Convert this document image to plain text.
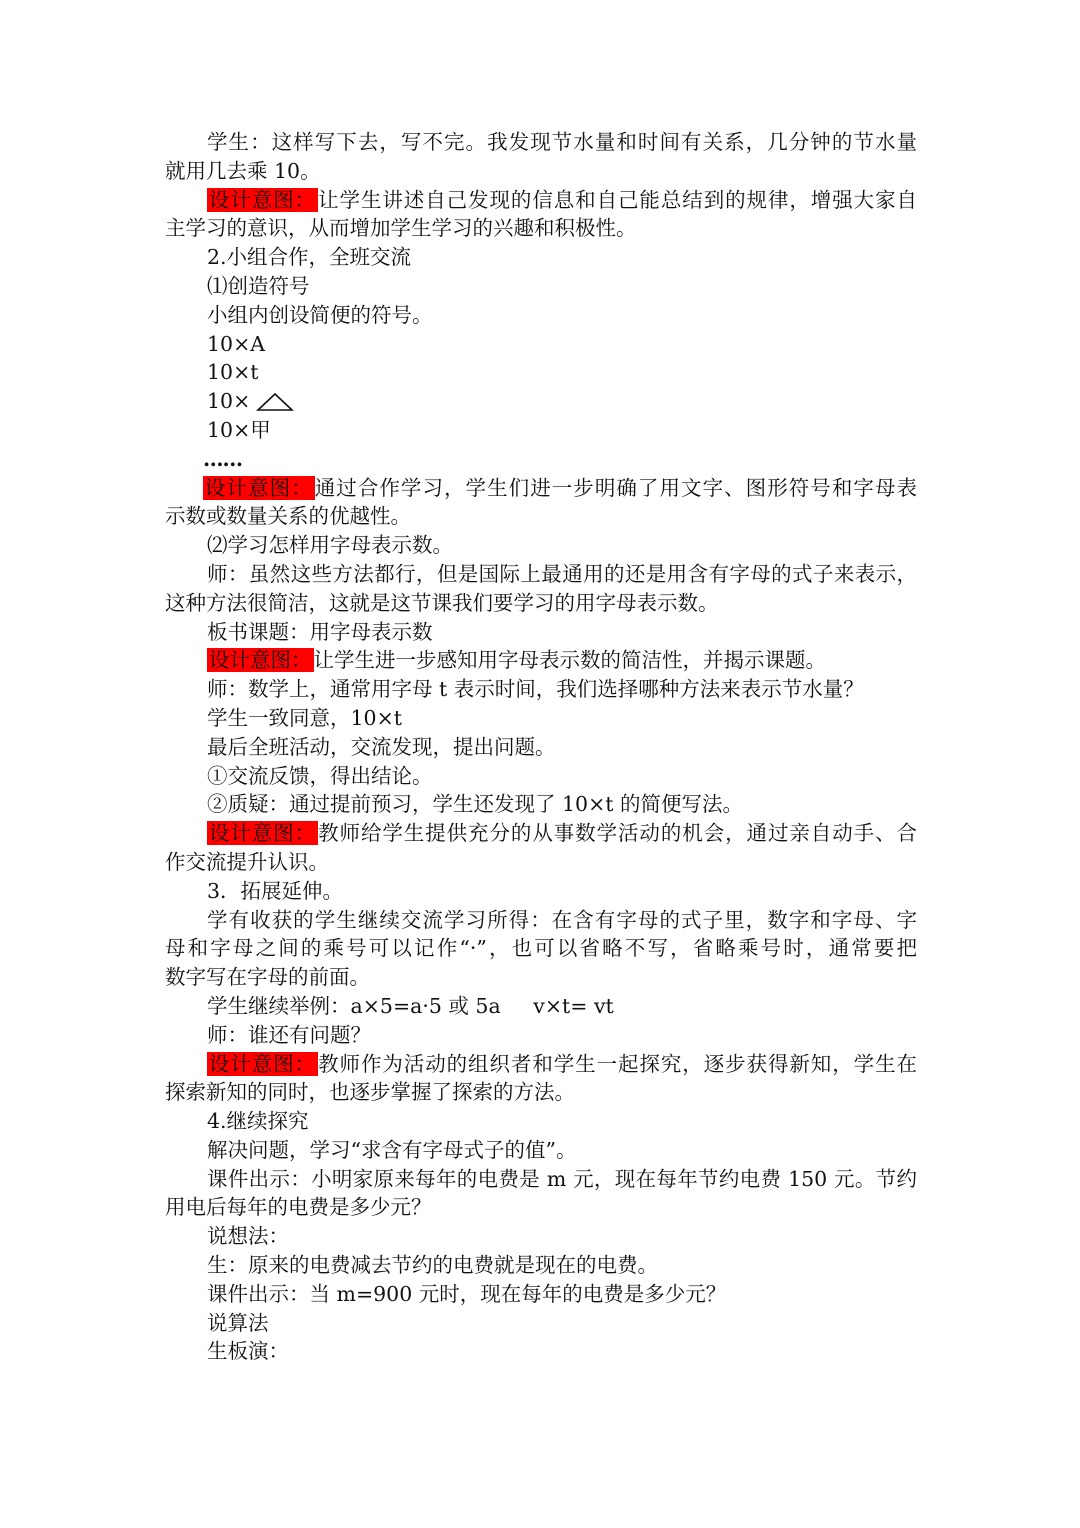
学生：这样写下去，写不完。我发现节水量和时间有关系，几分钟的节水量
就用几去乘 10。
设计意图：让学生讲述自己发现的信息和自己能总结到的规律，增强大家自
主学习的意识，从而增加学生学习的兴趣和积极性。
2.小组合作，全班交流
⑴创造符号
小组内创设简便的符号。
10×A
10×t
10×
10×甲
……
设计意图：通过合作学习，学生们进一步明确了用文字、图形符号和字母表
示数或数量关系的优越性。
⑵学习怎样用字母表示数。
师：虽然这些方法都行，但是国际上最通用的还是用含有字母的式子来表示，
这种方法很简洁，这就是这节课我们要学习的用字母表示数。
板书课题：用字母表示数
设计意图：让学生进一步感知用字母表示数的简洁性，并揭示课题。
师：数学上，通常用字母 t 表示时间，我们选择哪种方法来表示节水量？
学生一致同意，10×t
最后全班活动，交流发现，提出问题。
①交流反馈，得出结论。
②质疑：通过提前预习，学生还发现了 10×t 的简便写法。
设计意图：教师给学生提供充分的从事数学活动的机会，通过亲自动手、合
作交流提升认识。
3．拓展延伸。
学有收获的学生继续交流学习所得：在含有字母的式子里，数字和字母、字
母和字母之间的乘号可以记作“·”，也可以省略不写，省略乘号时，通常要把
数字写在字母的前面。
学生继续举例：a×5=a·5 或 5a     v×t= vt
师：谁还有问题？
设计意图：教师作为活动的组织者和学生一起探究，逐步获得新知，学生在
探索新知的同时，也逐步掌握了探索的方法。
4.继续探究
解决问题，学习“求含有字母式子的值”。
课件出示：小明家原来每年的电费是 m 元，现在每年节约电费 150 元。节约
用电后每年的电费是多少元？
说想法：
生：原来的电费减去节约的电费就是现在的电费。
课件出示：当 m=900 元时，现在每年的电费是多少元？
说算法
生板演：
